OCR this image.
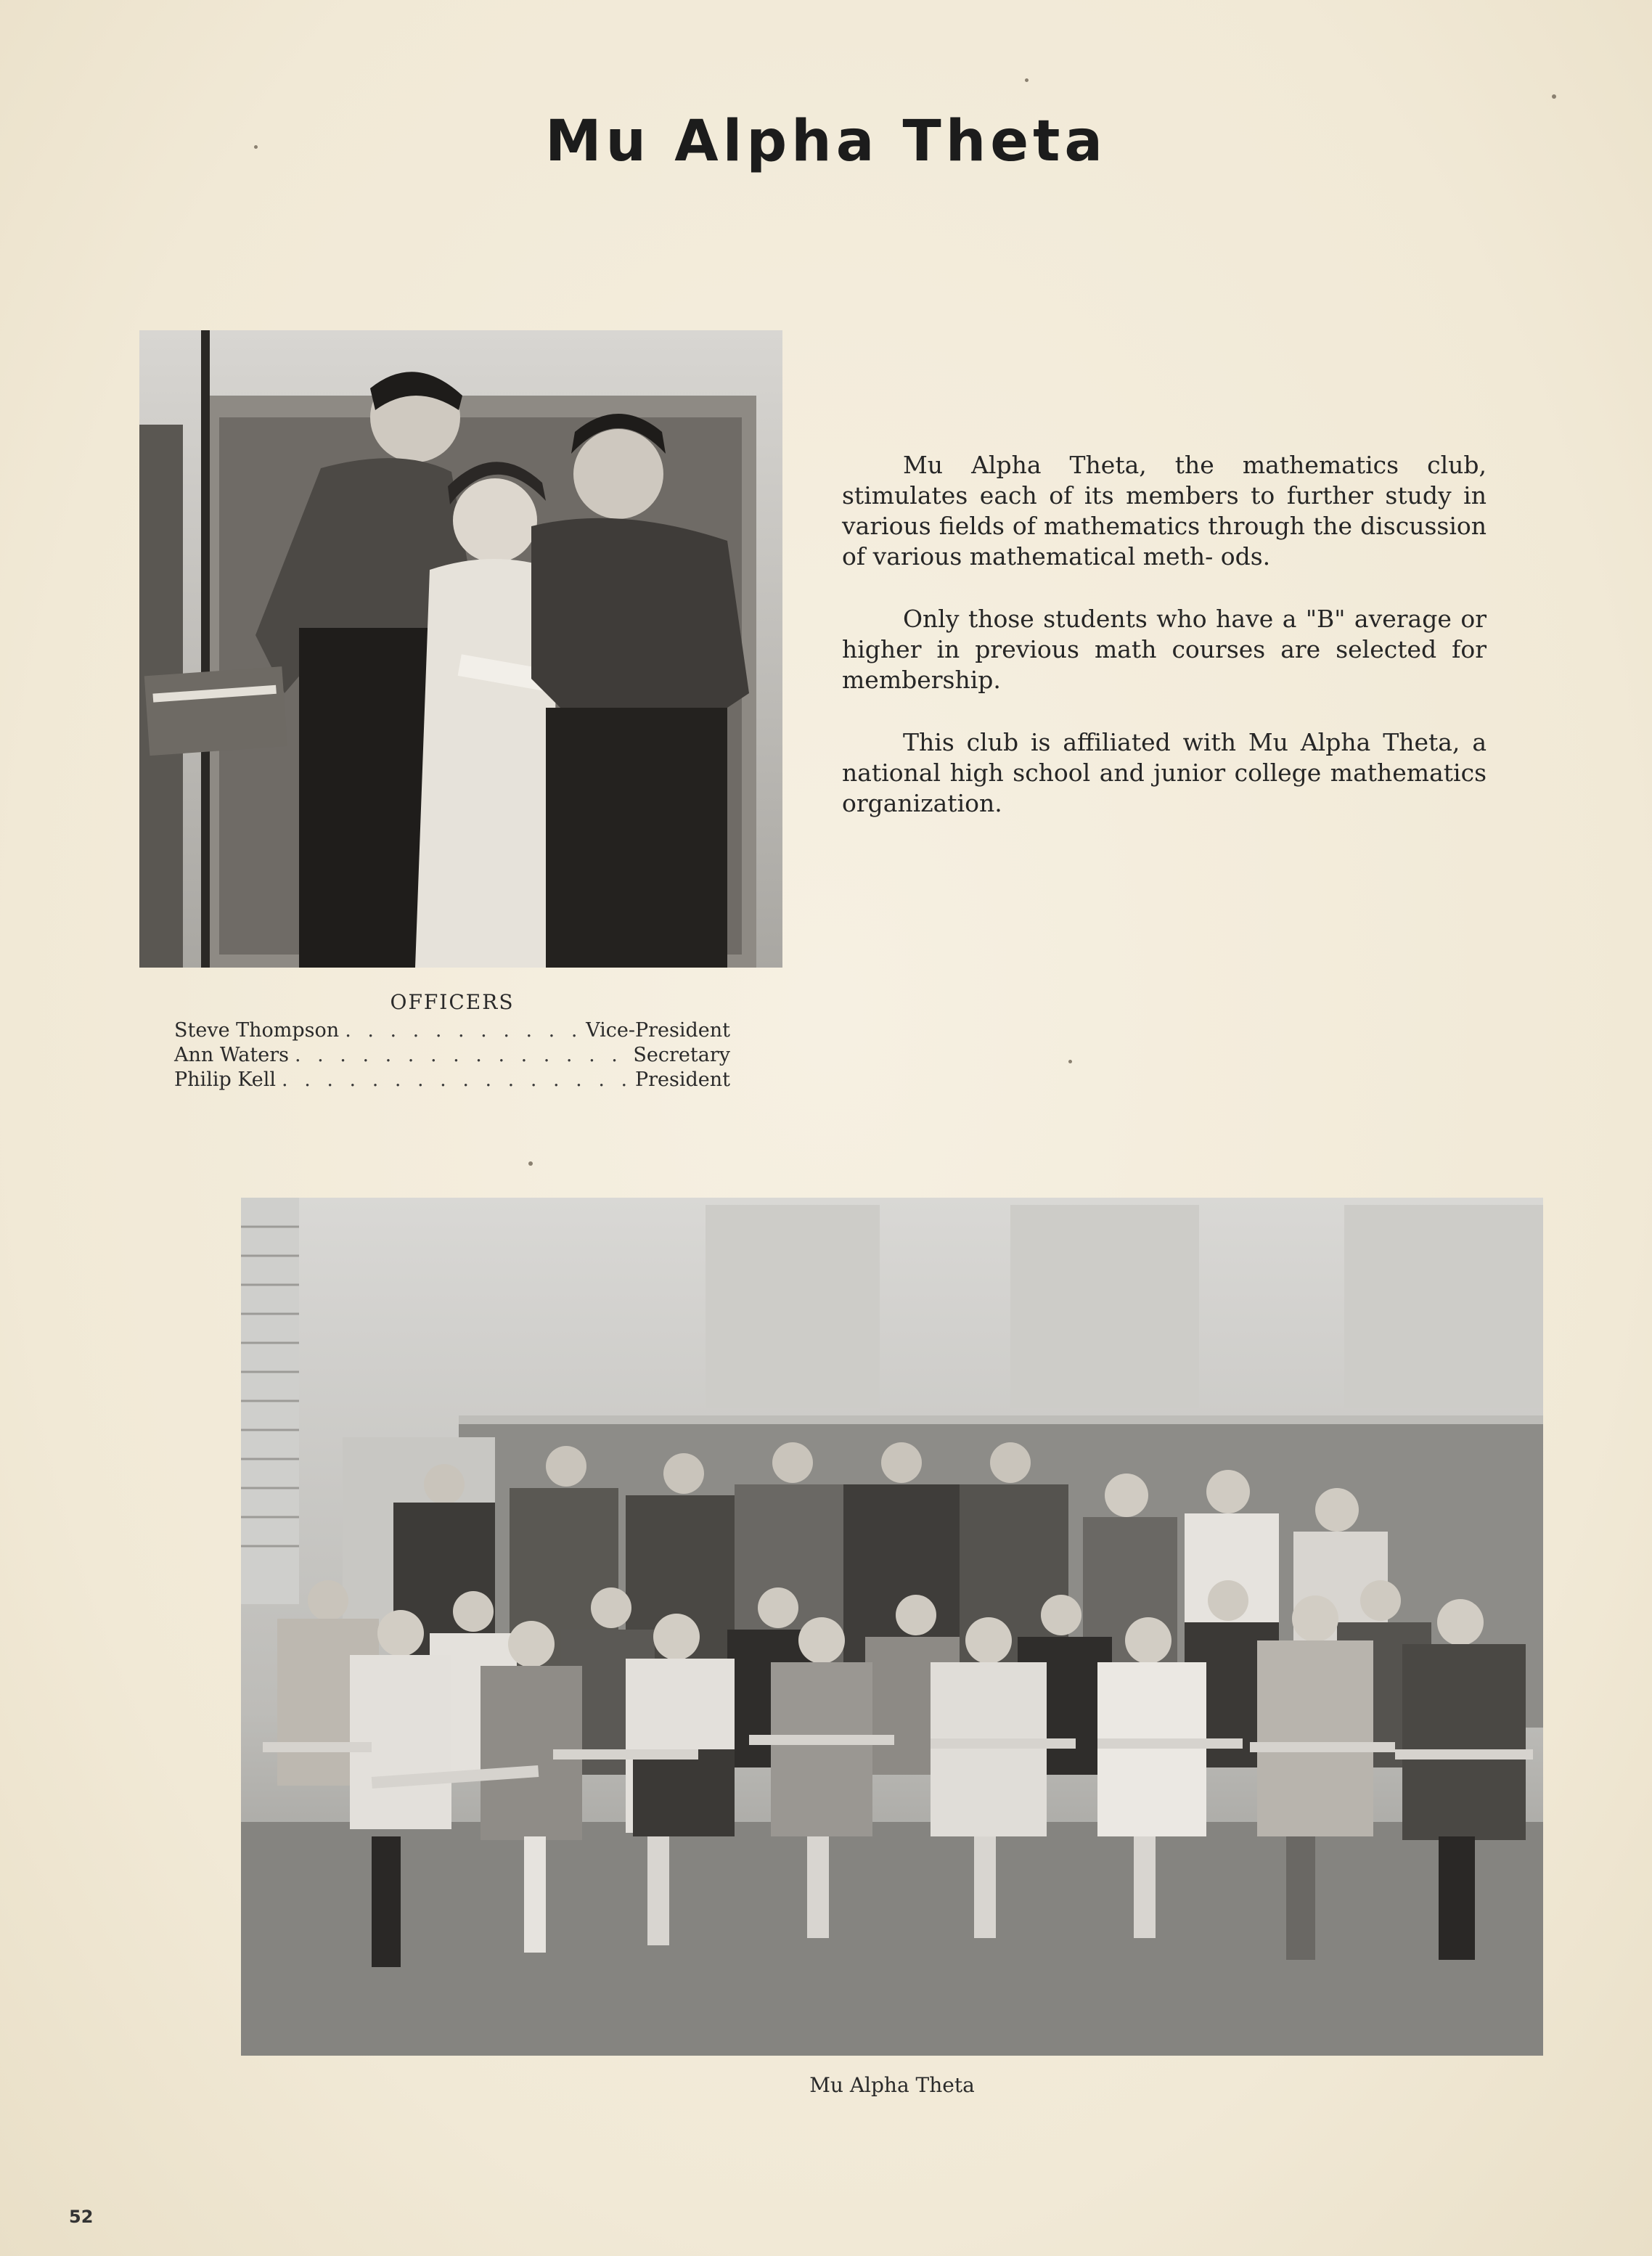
Mu Alpha Theta

Mu Alpha Theta, the mathematics club, stimulates each of its members to further study in various fields of mathematics through the discussion of various mathematical meth- ods.

Only those students who have a "B" average or higher in previous math courses are selected for membership.

This club is affiliated with Mu Alpha Theta, a national high school and junior college mathematics organization.

OFFICERS
Steve Thompson . . .	Vice-President
Ann Waters . . .	Secretary
Philip Kell . . .	President
Mu Alpha Theta
52
